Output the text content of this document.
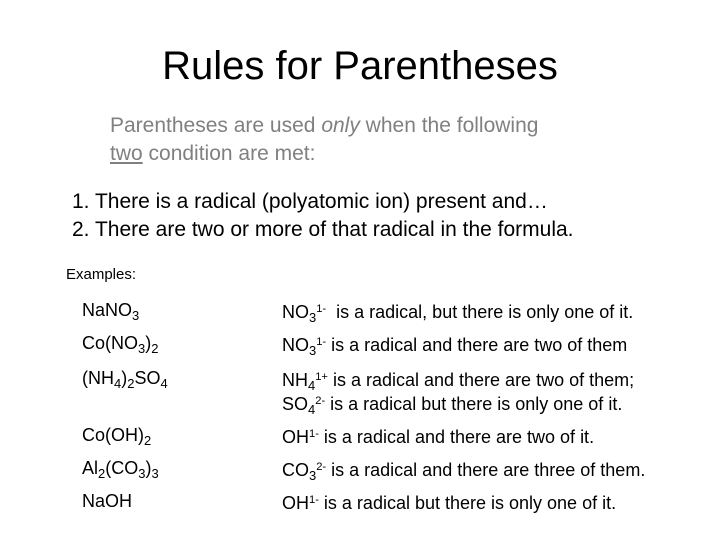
Rules for Parentheses
Parentheses are used only when the following
two condition are met:
1. There is a radical (polyatomic ion) present and…
2. There are two or more of that radical in the formula.
Examples:
NaNO$_3$	$NO_3^{1-}$  is a radical, but there is only one of it.
$Co(NO_3)_2$	$NO_3^{1-}$ is a radical and there are two of them
$(NH_4)_2SO_4$	$NH_4^{1+}$ is a radical and there are two of them;
$SO_4^{2-}$ is a radical but there is only one of it.
$Co(OH)_2$	$OH^{1-}$ is a radical and there are two of it.
$Al_2(CO_3)_3$	$CO_3^{2-}$ is a radical and there are three of them.
NaOH	$OH^{1-}$ is a radical but there is only one of it.
